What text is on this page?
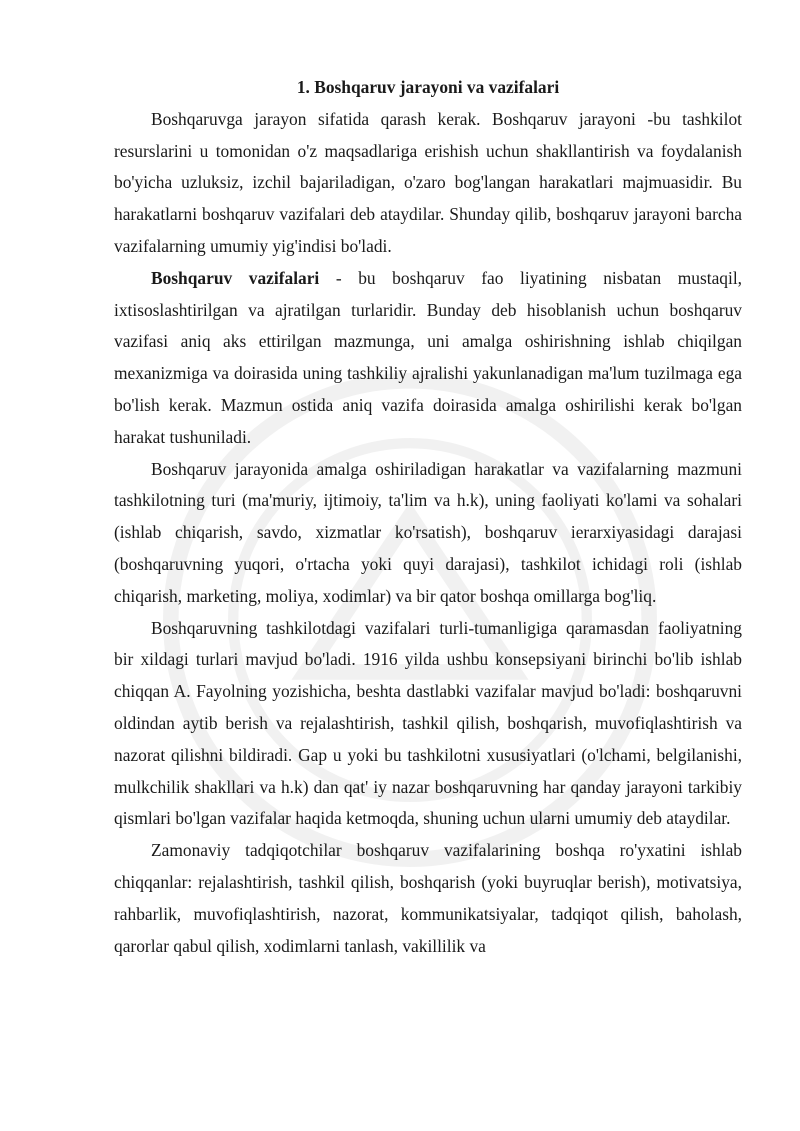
1. Boshqaruv jarayoni va vazifalari

Boshqaruvga jarayon sifatida qarash kerak. Boshqaruv jarayoni -bu tashkilot resurslarini u tomonidan o'z maqsadlariga erishish uchun shakllantirish va foydalanish bo'yicha uzluksiz, izchil bajariladigan, o'zaro bog'langan harakatlari majmuasidir. Bu harakatlarni boshqaruv vazifalari deb ataydilar. Shunday qilib, boshqaruv jarayoni barcha vazifalarning umumiy yig'indisi bo'ladi.

Boshqaruv vazifalari - bu boshqaruv fao liyatining nisbatan mustaqil, ixtisoslashtirilgan va ajratilgan turlaridir. Bunday deb hisoblanish uchun boshqaruv vazifasi aniq aks ettirilgan mazmunga, uni amalga oshirishning ishlab chiqilgan mexanizmiga va doirasida uning tashkiliy ajralishi yakunlanadigan ma'lum tuzilmaga ega bo'lish kerak. Mazmun ostida aniq vazifa doirasida amalga oshirilishi kerak bo'lgan harakat tushuniladi.

Boshqaruv jarayonida amalga oshiriladigan harakatlar va vazifalarning mazmuni tashkilotning turi (ma'muriy, ijtimoiy, ta'lim va h.k), uning faoliyati ko'lami va sohalari (ishlab chiqarish, savdo, xizmatlar ko'rsatish), boshqaruv ierarxiyasidagi darajasi (boshqaruvning yuqori, o'rtacha yoki quyi darajasi), tashkilot ichidagi roli (ishlab chiqarish, marketing, moliya, xodimlar) va bir qator boshqa omillarga bog'liq.

Boshqaruvning tashkilotdagi vazifalari turli-tumanligiga qaramasdan faoliyatning bir xildagi turlari mavjud bo'ladi. 1916 yilda ushbu konsepsiyani birinchi bo'lib ishlab chiqqan A. Fayolning yozishicha, beshta dastlabki vazifalar mavjud bo'ladi: boshqaruvni oldindan aytib berish va rejalashtirish, tashkil qilish, boshqarish, muvofiqlashtirish va nazorat qilishni bildiradi. Gap u yoki bu tashkilotni xususiyatlari (o'lchami, belgilanishi, mulkchilik shakllari va h.k) dan qat' iy nazar boshqaruvning har qanday jarayoni tarkibiy qismlari bo'lgan vazifalar haqida ketmoqda, shuning uchun ularni umumiy deb ataydilar.

Zamonaviy tadqiqotchilar boshqaruv vazifalarining boshqa ro'yxatini ishlab chiqqanlar: rejalashtirish, tashkil qilish, boshqarish (yoki buyruqlar berish), motivatsiya, rahbarlik, muvofiqlashtirish, nazorat, kommunikatsiyalar, tadqiqot qilish, baholash, qarorlar qabul qilish, xodimlarni tanlash, vakillilik va
